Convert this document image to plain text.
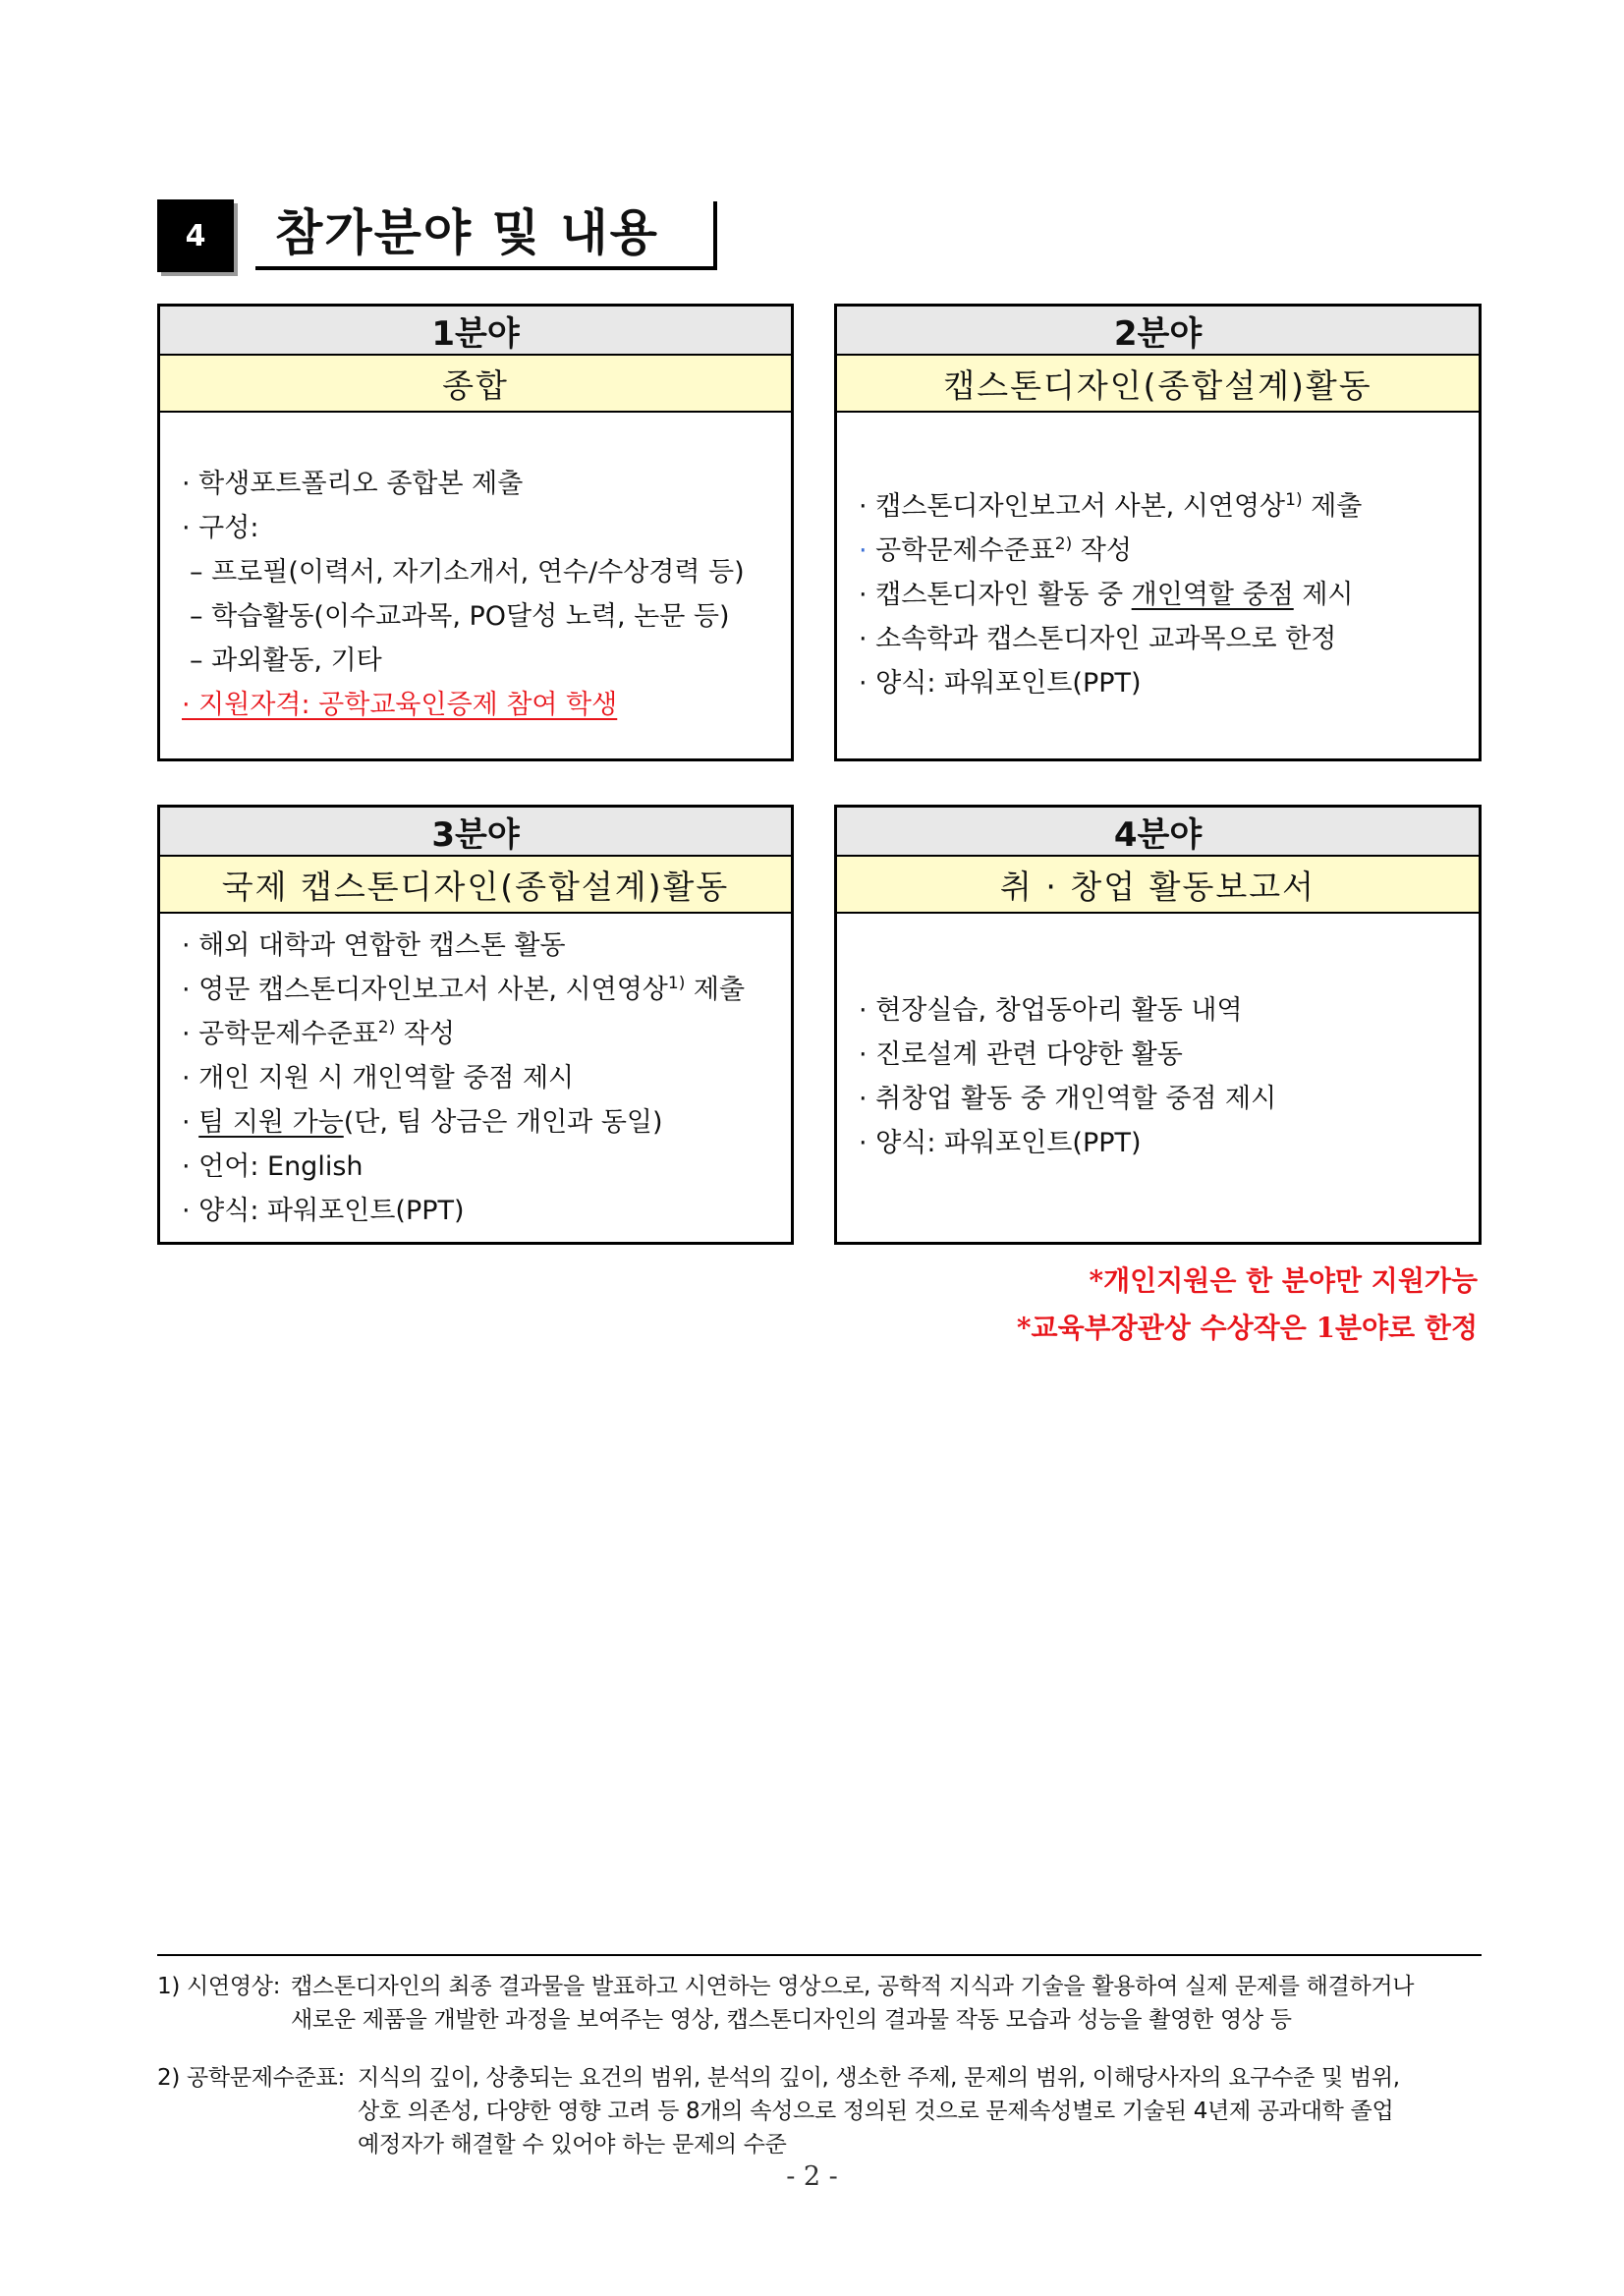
4	참가분야 및 내용
1분야
종합
· 학생포트폴리오 종합본 제출
· 구성:
– 프로필(이력서, 자기소개서, 연수/수상경력 등)
– 학습활동(이수교과목, PO달성 노력, 논문 등)
– 과외활동, 기타
· 지원자격: 공학교육인증제 참여 학생
2분야
캡스톤디자인(종합설계)활동
· 캡스톤디자인보고서 사본, 시연영상$^{1)}$ 제출
· 공학문제수준표$^{2)}$ 작성
· 캡스톤디자인 활동 중 개인역할 중점 제시
· 소속학과 캡스톤디자인 교과목으로 한정
· 양식: 파워포인트(PPT)
3분야
국제 캡스톤디자인(종합설계)활동
· 해외 대학과 연합한 캡스톤 활동
· 영문 캡스톤디자인보고서 사본, 시연영상$^{1)}$ 제출
· 공학문제수준표$^{2)}$ 작성
· 개인 지원 시 개인역할 중점 제시
· 팀 지원 가능(단, 팀 상금은 개인과 동일)
· 언어: English
· 양식: 파워포인트(PPT)
4분야
취 · 창업 활동보고서
· 현장실습, 창업동아리 활동 내역
· 진로설계 관련 다양한 활동
· 취창업 활동 중 개인역할 중점 제시
· 양식: 파워포인트(PPT)
*개인지원은 한 분야만 지원가능
*교육부장관상 수상작은 1분야로 한정
1) 시연영상: 캡스톤디자인의 최종 결과물을 발표하고 시연하는 영상으로, 공학적 지식과 기술을 활용하여 실제 문제를 해결하거나
새로운 제품을 개발한 과정을 보여주는 영상, 캡스톤디자인의 결과물 작동 모습과 성능을 촬영한 영상 등
2) 공학문제수준표: 지식의 깊이, 상충되는 요건의 범위, 분석의 깊이, 생소한 주제, 문제의 범위, 이해당사자의 요구수준 및 범위,
상호 의존성, 다양한 영향 고려 등 8개의 속성으로 정의된 것으로 문제속성별로 기술된 4년제 공과대학 졸업
예정자가 해결할 수 있어야 하는 문제의 수준
- 2 -
